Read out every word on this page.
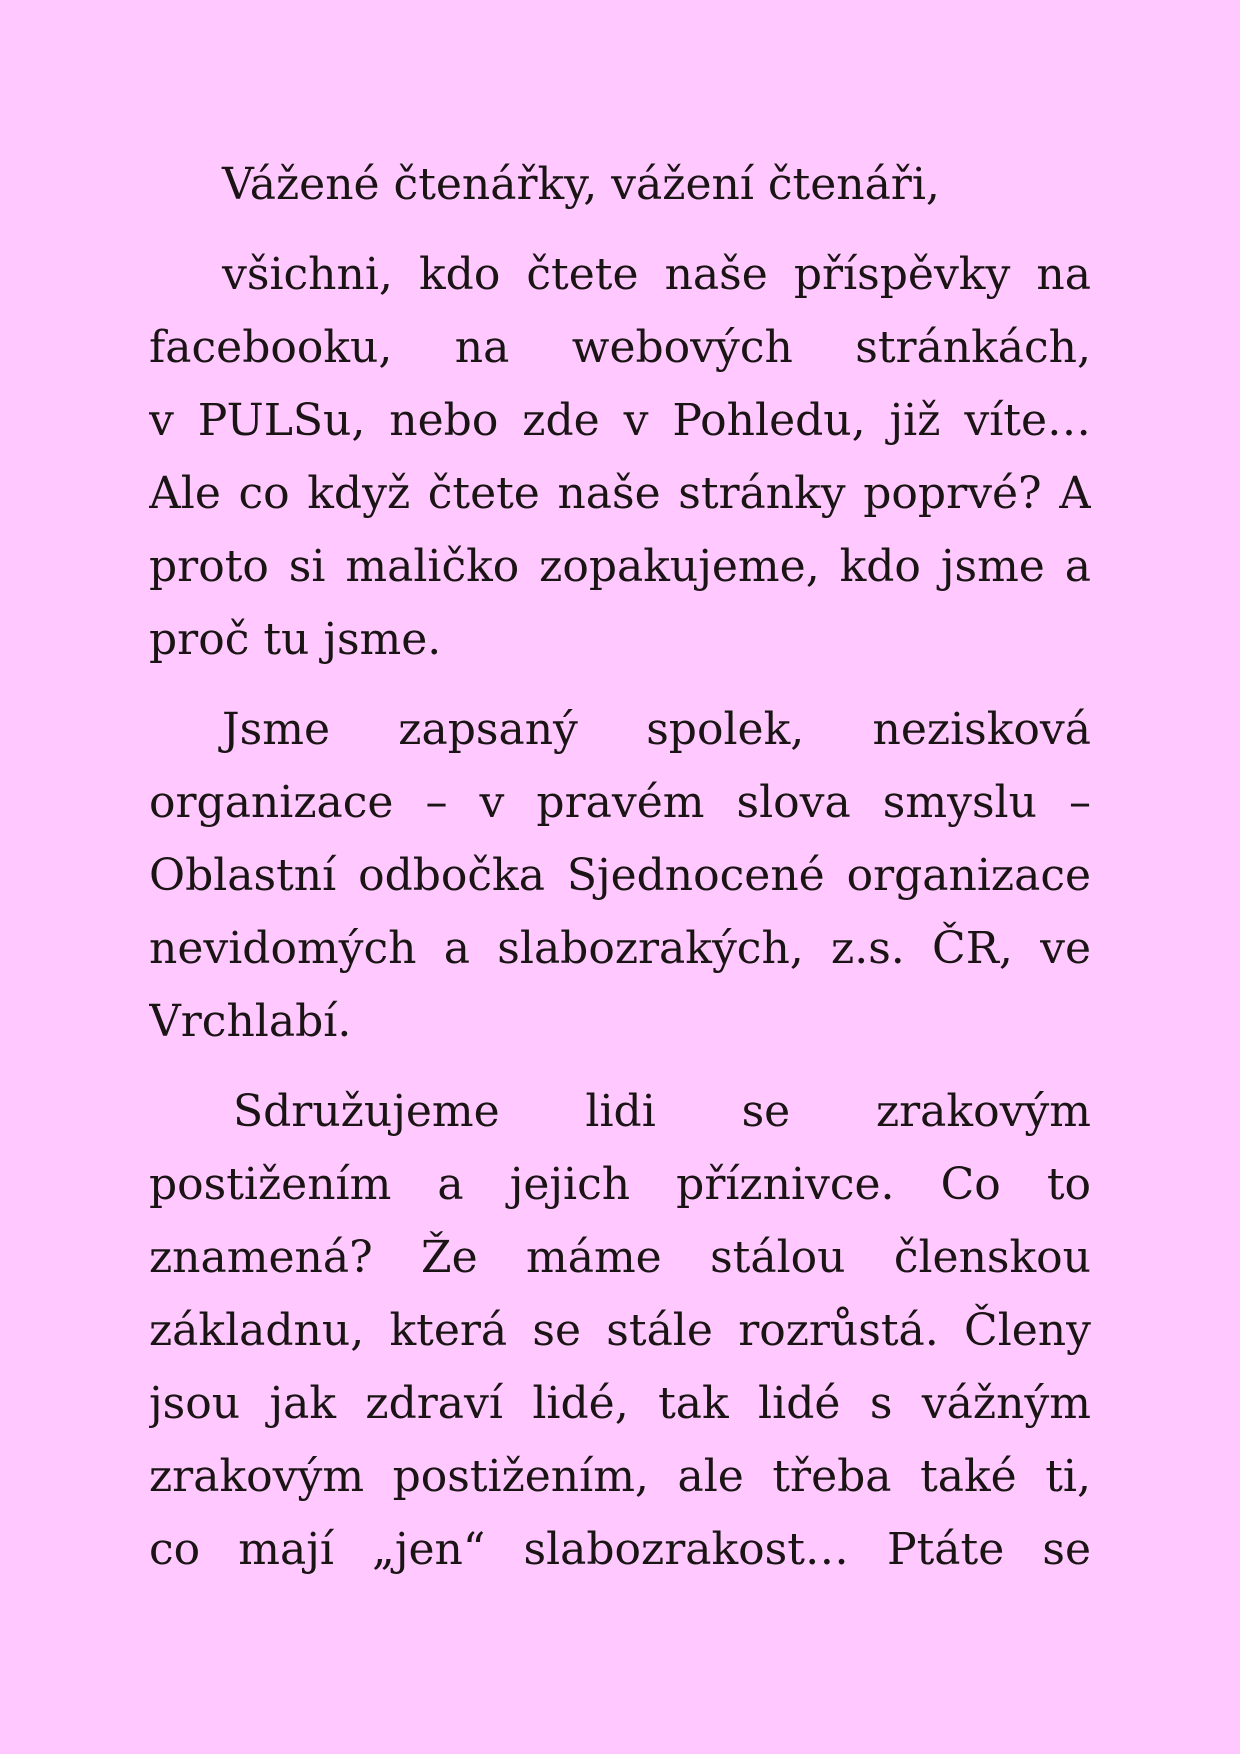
Vážené čtenářky, vážení čtenáři,
všichni, kdo čtete naše příspěvky na
facebooku, na webových stránkách,
v PULSu, nebo zde v Pohledu, již víte…
Ale co když čtete naše stránky poprvé? A
proto si maličko zopakujeme, kdo jsme a
proč tu jsme.
Jsme zapsaný spolek, nezisková
organizace – v pravém slova smyslu –
Oblastní odbočka Sjednocené organizace
nevidomých a slabozrakých, z.s. ČR, ve
Vrchlabí.
Sdružujeme lidi se zrakovým
postižením a jejich příznivce. Co to
znamená? Že máme stálou členskou
základnu, která se stále rozrůstá. Členy
jsou jak zdraví lidé, tak lidé s vážným
zrakovým postižením, ale třeba také ti,
co mají „jen“ slabozrakost… Ptáte se
